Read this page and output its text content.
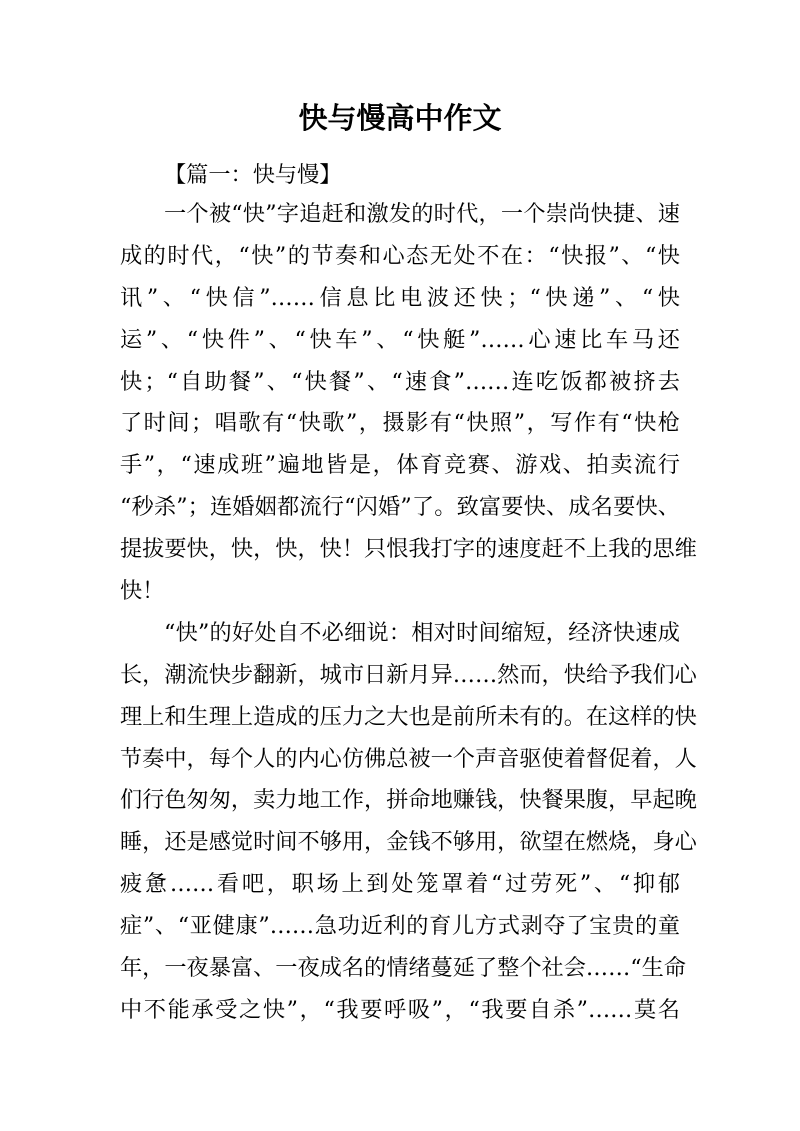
快与慢高中作文
【篇一：快与慢】
一个被“快”字追赶和激发的时代，一个崇尚快捷、速
成的时代，“快”的节奏和心态无处不在：“快报”、“快
讯”、“快信”……信息比电波还快；“快递”、“快
运”、“快件”、“快车”、“快艇”……心速比车马还
快；“自助餐”、“快餐”、“速食”……连吃饭都被挤去
了时间；唱歌有“快歌”，摄影有“快照”，写作有“快枪
手”，“速成班”遍地皆是，体育竞赛、游戏、拍卖流行
“秒杀”；连婚姻都流行“闪婚”了。致富要快、成名要快、
提拔要快，快，快，快！只恨我打字的速度赶不上我的思维
快！
“快”的好处自不必细说：相对时间缩短，经济快速成
长，潮流快步翻新，城市日新月异……然而，快给予我们心
理上和生理上造成的压力之大也是前所未有的。在这样的快
节奏中，每个人的内心仿佛总被一个声音驱使着督促着，人
们行色匆匆，卖力地工作，拼命地赚钱，快餐果腹，早起晚
睡，还是感觉时间不够用，金钱不够用，欲望在燃烧，身心
疲惫……看吧，职场上到处笼罩着“过劳死”、“抑郁
症”、“亚健康”……急功近利的育儿方式剥夺了宝贵的童
年，一夜暴富、一夜成名的情绪蔓延了整个社会……“生命
中不能承受之快”，“我要呼吸”，“我要自杀”……莫名
